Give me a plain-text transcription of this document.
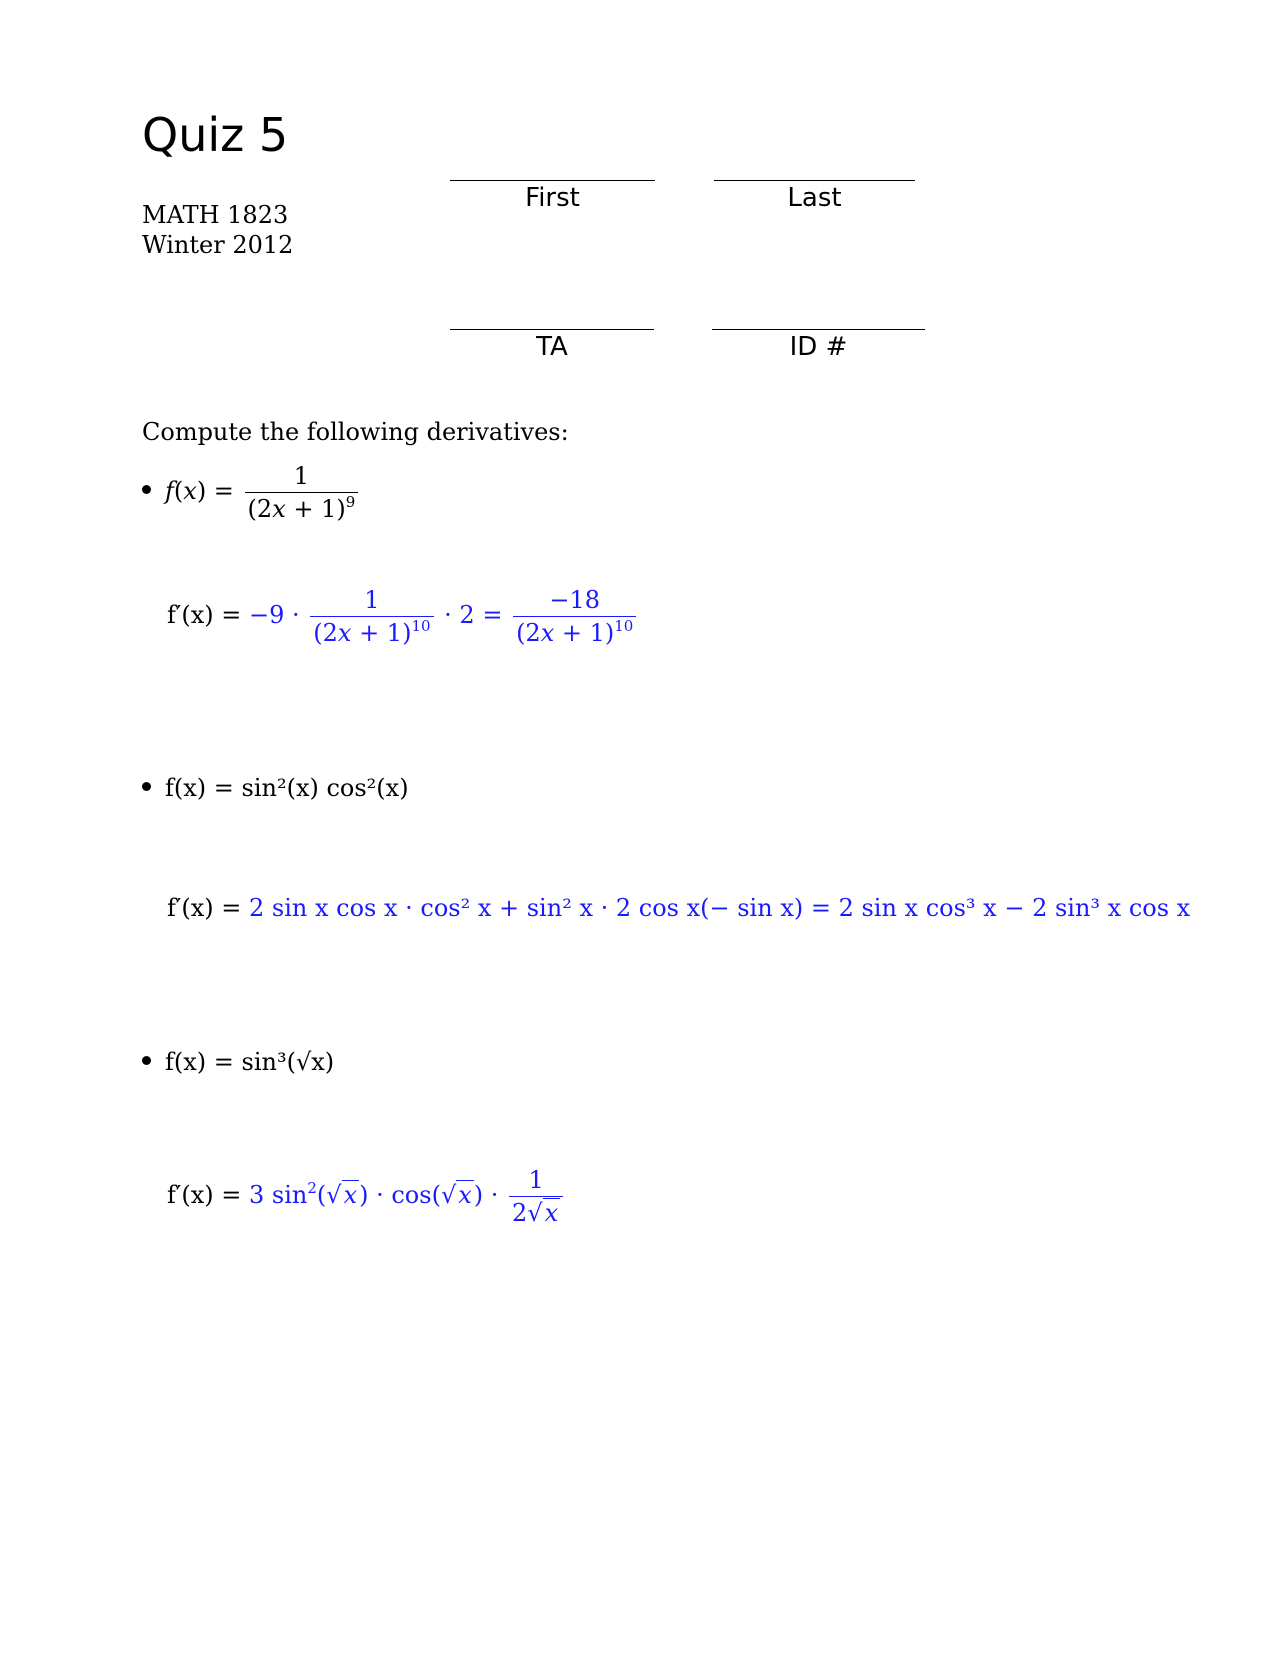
Quiz 5
MATH 1823
Winter 2012
First	Last
TA	ID #
Compute the following derivatives:
$f(x) = \frac{1}{(2x + 1)^9}$
$f'(x) = -9 \cdot \frac{1}{(2x + 1)^{10}} \cdot 2 = \frac{-18}{(2x + 1)^{10}}$
f(x) = sin²(x) cos²(x)
f′(x) = 2 sin x cos x · cos² x + sin² x · 2 cos x(− sin x) = 2 sin x cos³ x − 2 sin³ x cos x
f(x) = sin³(√x)
f′(x) = 3 $\sin^2(√x) \cdot \cos(√x) \cdot \frac{1}{2√x}$
